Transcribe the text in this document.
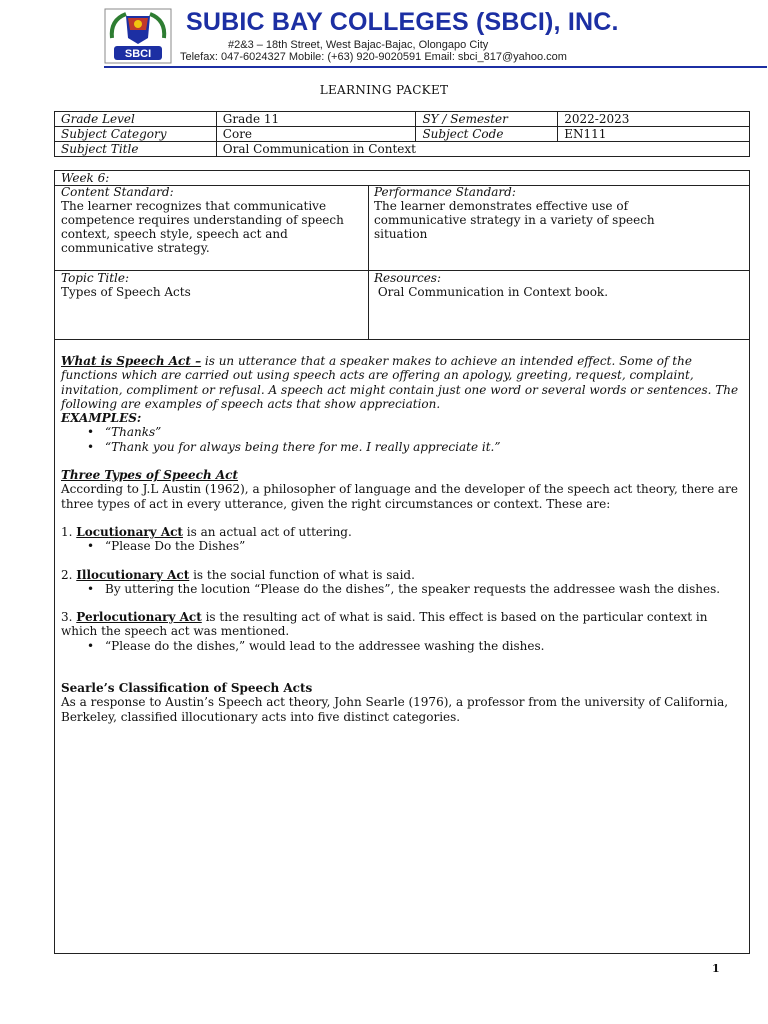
SBCI
SUBIC BAY COLLEGES (SBCI), INC.
#2&3 – 18th Street, West Bajac-Bajac, Olongapo City
Telefax: 047-6024327 Mobile: (+63) 920-9020591 Email: sbci_817@yahoo.com
LEARNING PACKET
Grade Level	Grade 11	SY / Semester	2022-2023
Subject Category	Core	Subject Code	EN111
Subject Title	Oral Communication in Context		
Week 6:
Content Standard:
The learner recognizes that communicative competence requires understanding of speech context, speech style, speech act and communicative strategy.
Performance Standard:
The learner demonstrates effective use of communicative strategy in a variety of speech situation
Topic Title:
Types of Speech Acts
Resources:
Oral Communication in Context book.

What is Speech Act – is un utterance that a speaker makes to achieve an intended effect. Some of the functions which are carried out using speech acts are offering an apology, greeting, request, complaint, invitation, compliment or refusal. A speech act might contain just one word or several words or sentences. The following are examples of speech acts that show appreciation.

EXAMPLES:

• “Thanks”
• “Thank you for always being there for me. I really appreciate it.”

Three Types of Speech Act

According to J.L Austin (1962), a philosopher of language and the developer of the speech act theory, there are three types of act in every utterance, given the right circumstances or context. These are:

1. Locutionary Act is an actual act of uttering.

• “Please Do the Dishes”

2. Illocutionary Act is the social function of what is said.

• By uttering the locution “Please do the dishes”, the speaker requests the addressee wash the dishes.

3. Perlocutionary Act is the resulting act of what is said. This effect is based on the particular context in which the speech act was mentioned.

• “Please do the dishes,” would lead to the addressee washing the dishes.

Searle’s Classification of Speech Acts

As a response to Austin’s Speech act theory, John Searle (1976), a professor from the university of California, Berkeley, classified illocutionary acts into five distinct categories.

1
